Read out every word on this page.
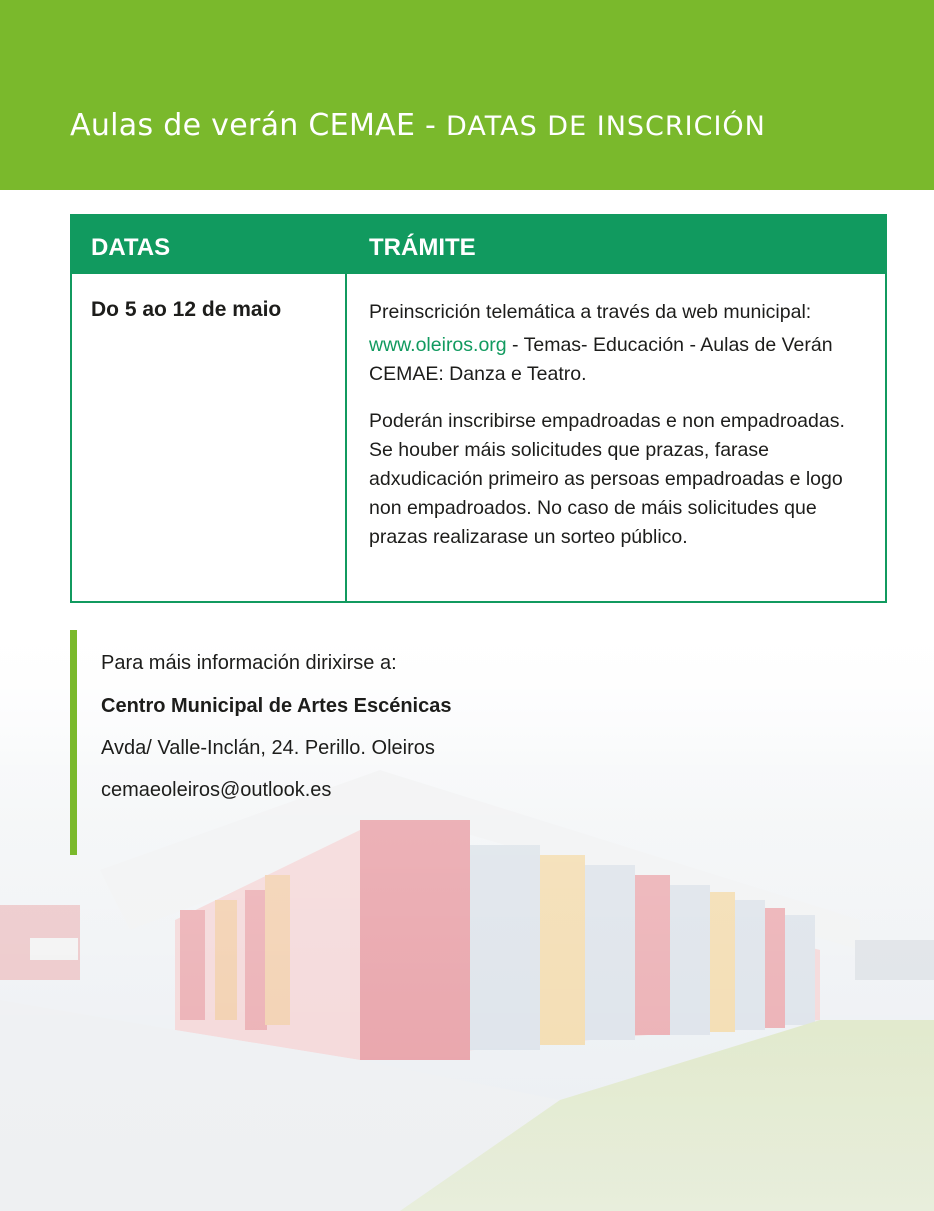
Aulas de verán CEMAE - DATAS DE INSCRICIÓN
DATAS	TRÁMITE
Do 5 ao 12 de maio	Preinscrición telemática a través da web municipal:

www.oleiros.org - Temas- Educación - Aulas de Verán CEMAE: Danza e Teatro.

Poderán inscribirse empadroadas e non empadroadas. Se houber máis solicitudes que prazas, farase adxudicación primeiro as persoas empadroadas e logo non empadroados. No caso de máis solicitudes que prazas realizarase un sorteo público.

Para máis información dirixirse a:
Centro Municipal de Artes Escénicas
Avda/ Valle-Inclán, 24. Perillo. Oleiros
cemaeoleiros@outlook.es
